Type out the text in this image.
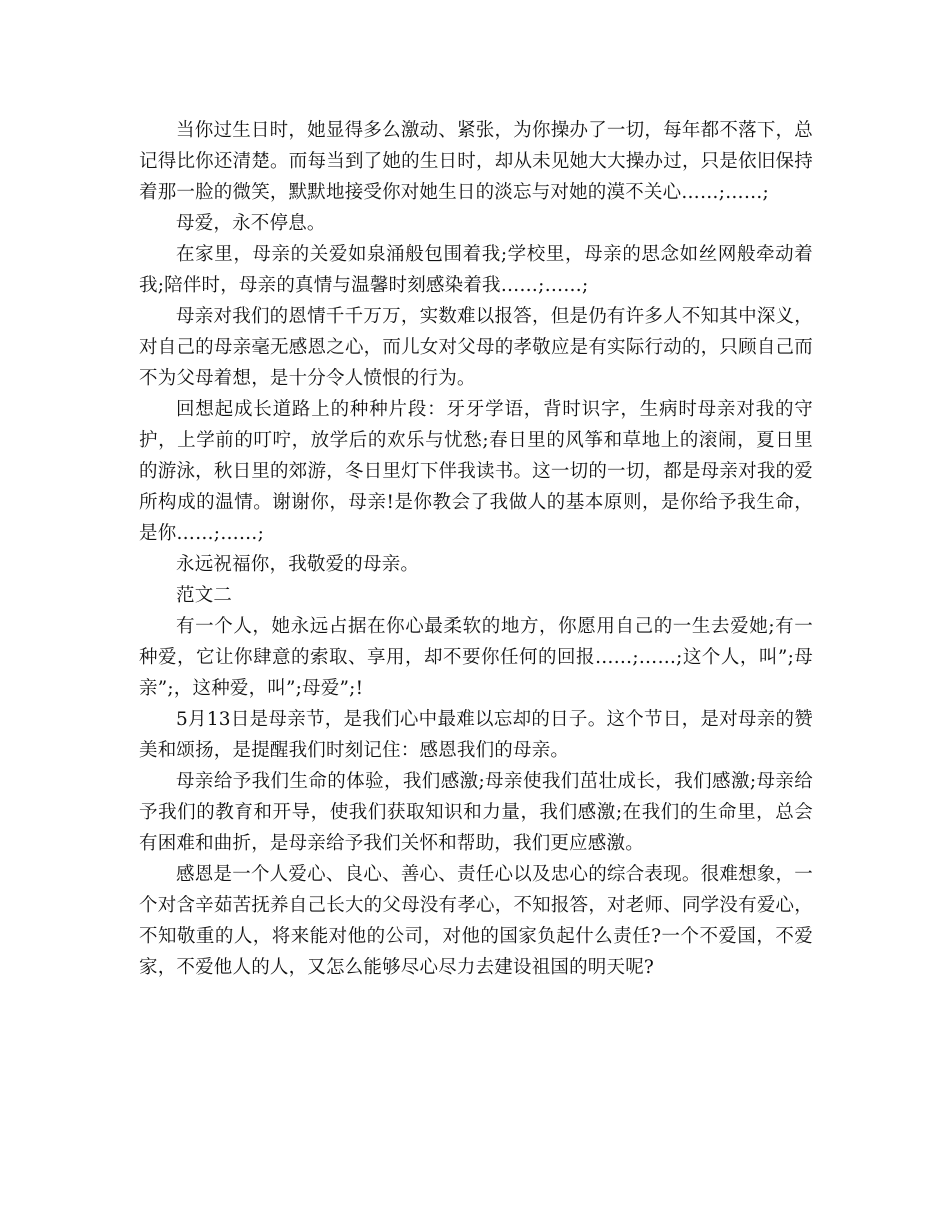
当你过生日时，她显得多么激动、紧张，为你操办了一切，每年都不落下，总记得比你还清楚。而每当到了她的生日时，却从未见她大大操办过，只是依旧保持着那一脸的微笑，默默地接受你对她生日的淡忘与对她的漠不关心……;……;

母爱，永不停息。

在家里，母亲的关爱如泉涌般包围着我;学校里，母亲的思念如丝网般牵动着我;陪伴时，母亲的真情与温馨时刻感染着我……;……;

母亲对我们的恩情千千万万，实数难以报答，但是仍有许多人不知其中深义，对自己的母亲毫无感恩之心，而儿女对父母的孝敬应是有实际行动的，只顾自己而不为父母着想，是十分令人愤恨的行为。

回想起成长道路上的种种片段：牙牙学语，背时识字，生病时母亲对我的守护，上学前的叮咛，放学后的欢乐与忧愁;春日里的风筝和草地上的滚闹，夏日里的游泳，秋日里的郊游，冬日里灯下伴我读书。这一切的一切，都是母亲对我的爱所构成的温情。谢谢你，母亲!是你教会了我做人的基本原则，是你给予我生命，是你……;……;

永远祝福你，我敬爱的母亲。

范文二

有一个人，她永远占据在你心最柔软的地方，你愿用自己的一生去爱她;有一种爱，它让你肆意的索取、享用，却不要你任何的回报……;……;这个人，叫”;母亲”;，这种爱，叫”;母爱”;!

5月13日是母亲节，是我们心中最难以忘却的日子。这个节日，是对母亲的赞美和颂扬，是提醒我们时刻记住：感恩我们的母亲。

母亲给予我们生命的体验，我们感激;母亲使我们茁壮成长，我们感激;母亲给予我们的教育和开导，使我们获取知识和力量，我们感激;在我们的生命里，总会有困难和曲折，是母亲给予我们关怀和帮助，我们更应感激。

感恩是一个人爱心、良心、善心、责任心以及忠心的综合表现。很难想象，一个对含辛茹苦抚养自己长大的父母没有孝心，不知报答，对老师、同学没有爱心，不知敬重的人，将来能对他的公司，对他的国家负起什么责任?一个不爱国，不爱家，不爱他人的人，又怎么能够尽心尽力去建设祖国的明天呢?
